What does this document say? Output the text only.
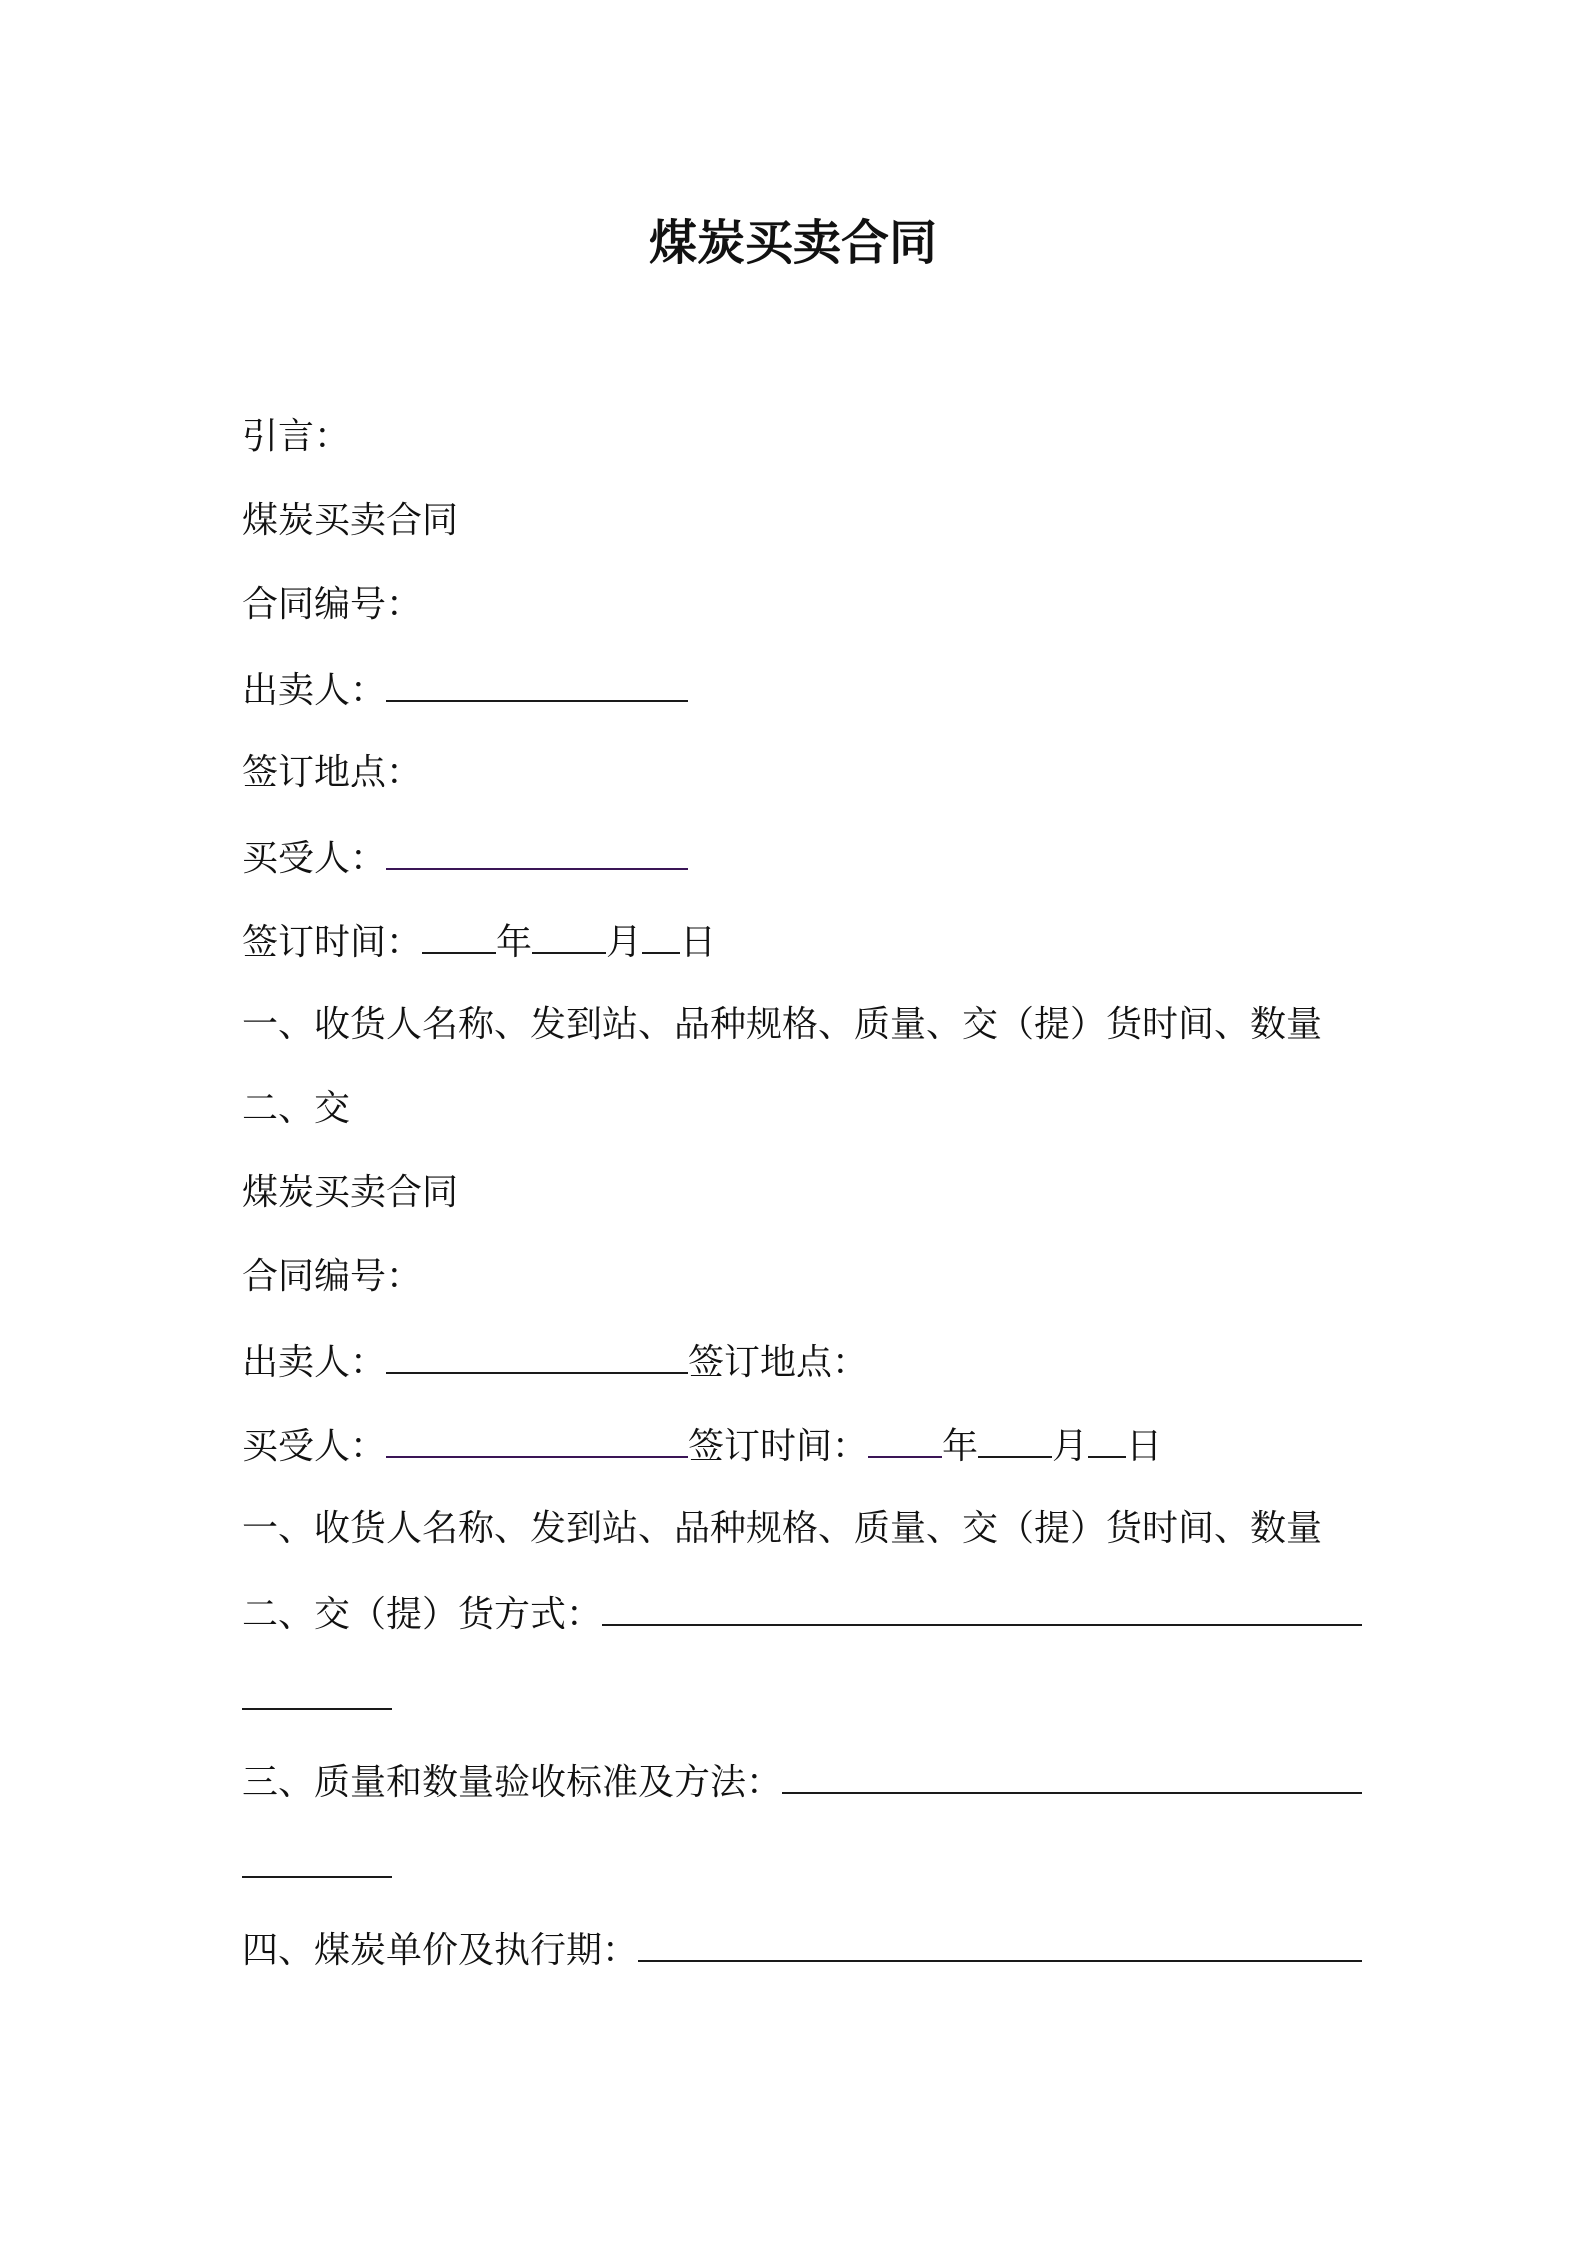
煤炭买卖合同
引言：
煤炭买卖合同
合同编号：
出卖人：
签订地点：
买受人：
签订时间： 年 月 日
一、收货人名称、发到站、品种规格、质量、交（提）货时间、数量
二、交
煤炭买卖合同
合同编号：
出卖人：	签订地点：
买受人：	签订时间： 年 月 日
一、收货人名称、发到站、品种规格、质量、交（提）货时间、数量
二、交（提）货方式：
三、质量和数量验收标准及方法：
四、煤炭单价及执行期：
